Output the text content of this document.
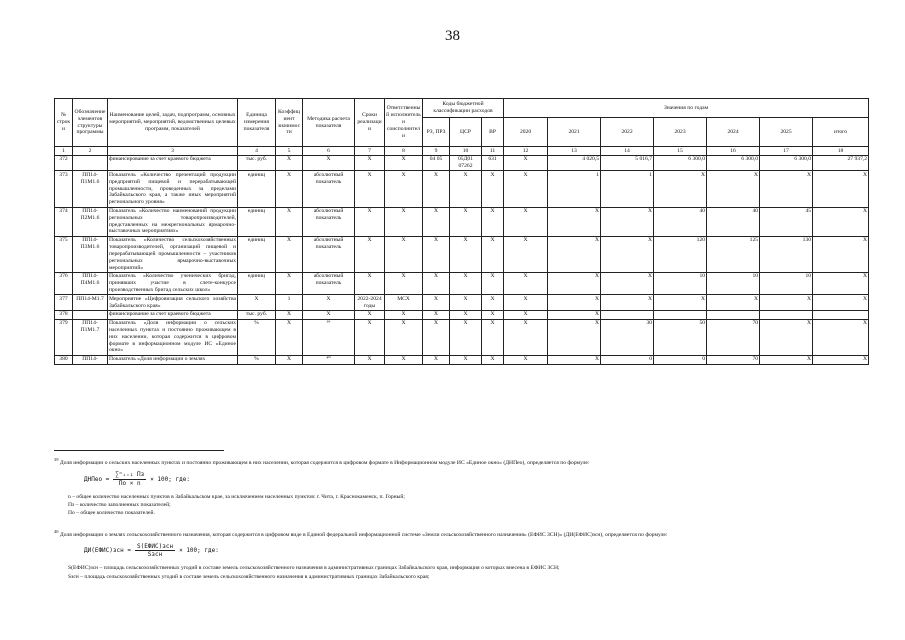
38
№ строки	Обозначение элементов структуры программы	Наименование целей, задач, подпрограмм, основных мероприятий, мероприятий, ведомственных целевых программ, показателей	Единица измерения показателя	Коэффициент значимости	Методика расчета показателя	Сроки реализации	Ответственный исполнитель и соисполнители	Коды бюджетной классификации расходов			Значения по годам						
								РЗ, ПРЗ	ЦСР	ВР	2020	2021	2022	2023	2024	2025	итого
1	2	3	4	5	6	7	8	9	10	11	12	13	14	15	16	17	18
372		финансирование за счет краевого бюджета	тыс. руб.	Х	Х	Х	Х	04 05	05Д01 07262	631	Х	4 020,5	5 016,7	6 300,0	6 300,0	6 300,0	27 937,2
373	ПП14-П1М1.6	Показатель «Количество презентаций продукции предприятий пищевой и перерабатывающей промышленности, проведенных за пределами Забайкальского края, а также иных мероприятий регионального уровня»	единиц	Х	абсолютный показатель	Х	Х	Х	Х	Х	Х	1	1	Х	Х	Х	Х
374	ПП14-П2М1.6	Показатель «Количество наименований продукции региональных товаропроизводителей, представленных на межрегиональных ярмарочно-выставочных мероприятиях»	единиц	Х	абсолютный показатель	Х	Х	Х	Х	Х	Х	Х	Х	40	40	45	Х
375	ПП14-П3М1.6	Показатель «Количество сельскохозяйственных товаропроизводителей, организаций пищевой и перерабатывающей промышленности – участников региональных ярмарочно-выставочных мероприятий»	единиц	Х	абсолютный показатель	Х	Х	Х	Х	Х	Х	Х	Х	120	125	130	Х
376	ПП14-П4М1.6	Показатель «Количество ученических бригад, принявших участие в слете-конкурсе производственных бригад сельских школ»	единиц	Х	абсолютный показатель	Х	Х	Х	Х	Х	Х	Х	Х	10	10	10	Х
377	ПП14-М1.7	Мероприятие «Цифровизация сельского хозяйства Забайкальского края»	Х	1	Х	2022-2024 годы	МСХ	Х	Х	Х	Х	Х	Х	Х	Х	Х	Х
378		финансирование за счет краевого бюджета	тыс. руб.	Х	Х	Х	Х	Х	Х	Х	Х	Х					
379	ПП14-П1М1.7	Показатель «Доля информации о сельских населенных пунктах и постоянно проживающем в них населении, которая содержится в цифровом формате в информационном модуле ИС «Единое окно»	%	Х	³⁹	Х	Х	Х	Х	Х	Х	Х	30	50	70	Х	Х
380	ПП14-	Показатель «Доля информации о землях	%	Х	⁴⁰	Х	Х	Х	Х	Х	Х	Х	0	0	70	Х	Х

$^{39}$ Доля информации о сельских населенных пунктах и постоянно проживающем в них населении, которая содержится в цифровом формате в Информационном модуле ИС «Единое окно» (ДНПео), определяется по формуле:

ДНПео = $\frac{\text{∑ⁿᵢ₌₁ Пз}}{По \times n} \times 100$; где:

n – общее количество населенных пунктов в Забайкальском крае, за исключением населенных пунктов: г. Чита, г. Краснокаменск, п. Горный;

Пз – количество заполненных показателей;

По – общее количество показателей.

$^{40}$ Доля информации о землях сельскохозяйственного назначения, которая содержится в цифровом виде в Единой федеральной информационной системе «Земли сельскохозяйственного назначения» (ЕФИС ЗСН)» (ДИ(ЕФИС)зсн), определяется по формуле:

ДИ(ЕФИС)зсн = $\frac{\text{S(ЕФИС)зсн}}{\text{Sзсн}} \times 100$; где:

S(ЕФИС)зсн – площадь сельскохозяйственных угодий в составе земель сельскохозяйственного назначения в административных границах Забайкальского края, информация о которых внесена в ЕФИС ЗСН;

Sзсн – площадь сельскохозяйственных угодий в составе земель сельскохозяйственного назначения в административных границах Забайкальского края;
